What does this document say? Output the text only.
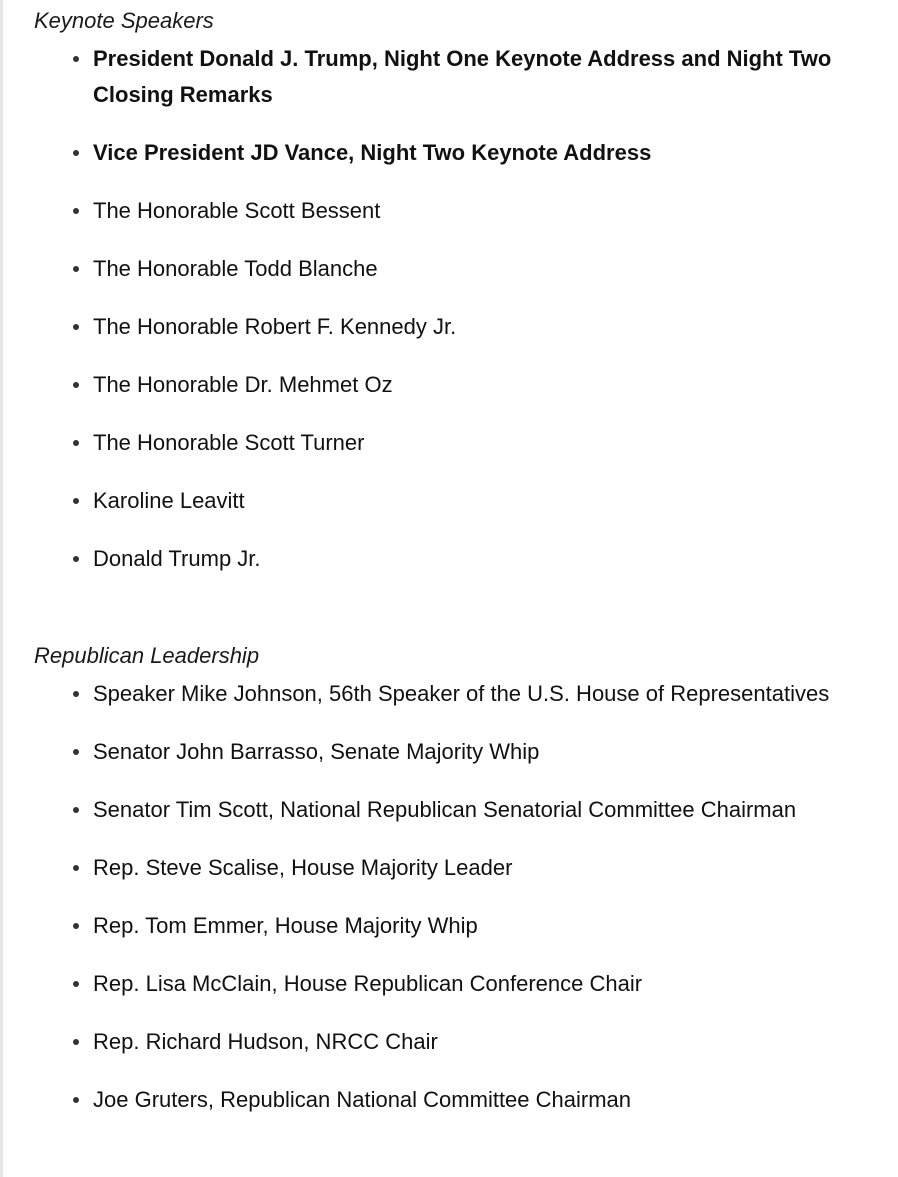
Keynote Speakers

President Donald J. Trump, Night One Keynote Address and Night Two Closing Remarks
Vice President JD Vance, Night Two Keynote Address
The Honorable Scott Bessent
The Honorable Todd Blanche
The Honorable Robert F. Kennedy Jr.
The Honorable Dr. Mehmet Oz
The Honorable Scott Turner
Karoline Leavitt
Donald Trump Jr.

Republican Leadership

Speaker Mike Johnson, 56th Speaker of the U.S. House of Representatives
Senator John Barrasso, Senate Majority Whip
Senator Tim Scott, National Republican Senatorial Committee Chairman
Rep. Steve Scalise, House Majority Leader
Rep. Tom Emmer, House Majority Whip
Rep. Lisa McClain, House Republican Conference Chair
Rep. Richard Hudson, NRCC Chair
Joe Gruters, Republican National Committee Chairman
